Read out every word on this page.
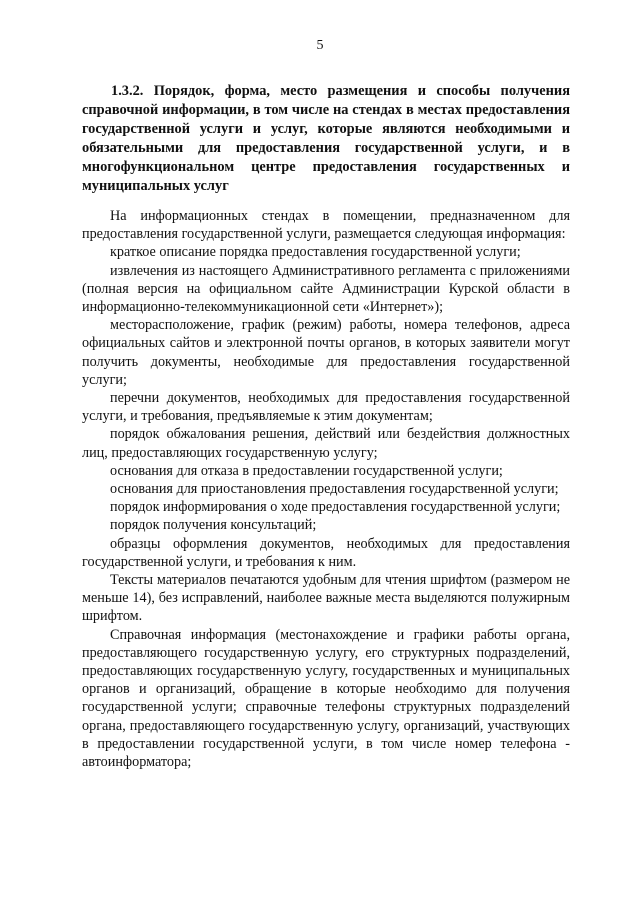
5

1.3.2. Порядок, форма, место размещения и способы получения справочной информации, в том числе на стендах в местах предоставления государственной услуги и услуг, которые являются необходимыми и обязательными для предоставления государственной услуги, и в многофункциональном центре предоставления государственных и муниципальных услуг

На информационных стендах в помещении, предназначенном для предоставления государственной услуги, размещается следующая информация:

краткое описание порядка предоставления государственной услуги;

извлечения из настоящего Административного регламента с приложениями (полная версия на официальном сайте Администрации Курской области в информационно-телекоммуникационной сети «Интернет»);

месторасположение, график (режим) работы, номера телефонов, адреса официальных сайтов и электронной почты органов, в которых заявители могут получить документы, необходимые для предоставления государственной услуги;

перечни документов, необходимых для предоставления государственной услуги, и требования, предъявляемые к этим документам;

порядок обжалования решения, действий или бездействия должностных лиц, предоставляющих государственную услугу;

основания для отказа в предоставлении государственной услуги;

основания для приостановления предоставления государственной услуги;

порядок информирования о ходе предоставления государственной услуги;

порядок получения консультаций;

образцы оформления документов, необходимых для предоставления государственной услуги, и требования к ним.

Тексты материалов печатаются удобным для чтения шрифтом (размером не меньше 14), без исправлений, наиболее важные места выделяются полужирным шрифтом.

Справочная информация (местонахождение и графики работы органа, предоставляющего государственную услугу, его структурных подразделений, предоставляющих государственную услугу, государственных и муниципальных органов и организаций, обращение в которые необходимо для получения государственной услуги; справочные телефоны структурных подразделений органа, предоставляющего государственную услугу, организаций, участвующих в предоставлении государственной услуги, в том числе номер телефона - автоинформатора;
